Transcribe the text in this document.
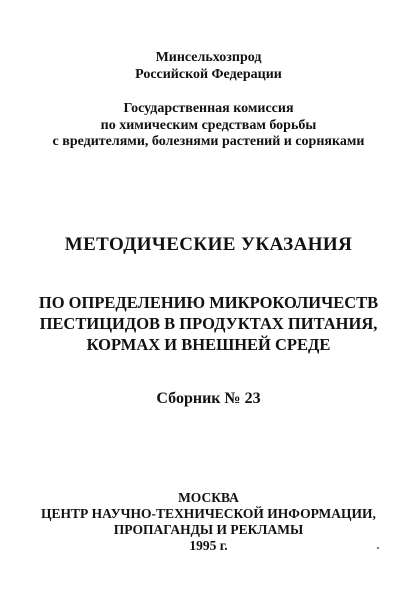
Минсельхозпрод
Российской Федерации
Государственная комиссия
по химическим средствам борьбы
с вредителями, болезнями растений и сорняками
МЕТОДИЧЕСКИЕ УКАЗАНИЯ
ПО ОПРЕДЕЛЕНИЮ МИКРОКОЛИЧЕСТВ
ПЕСТИЦИДОВ В ПРОДУКТАХ ПИТАНИЯ,
КОРМАХ И ВНЕШНЕЙ СРЕДЕ
Сборник № 23
МОСКВА
ЦЕНТР НАУЧНО-ТЕХНИЧЕСКОЙ ИНФОРМАЦИИ,
ПРОПАГАНДЫ И РЕКЛАМЫ
1995 г.
